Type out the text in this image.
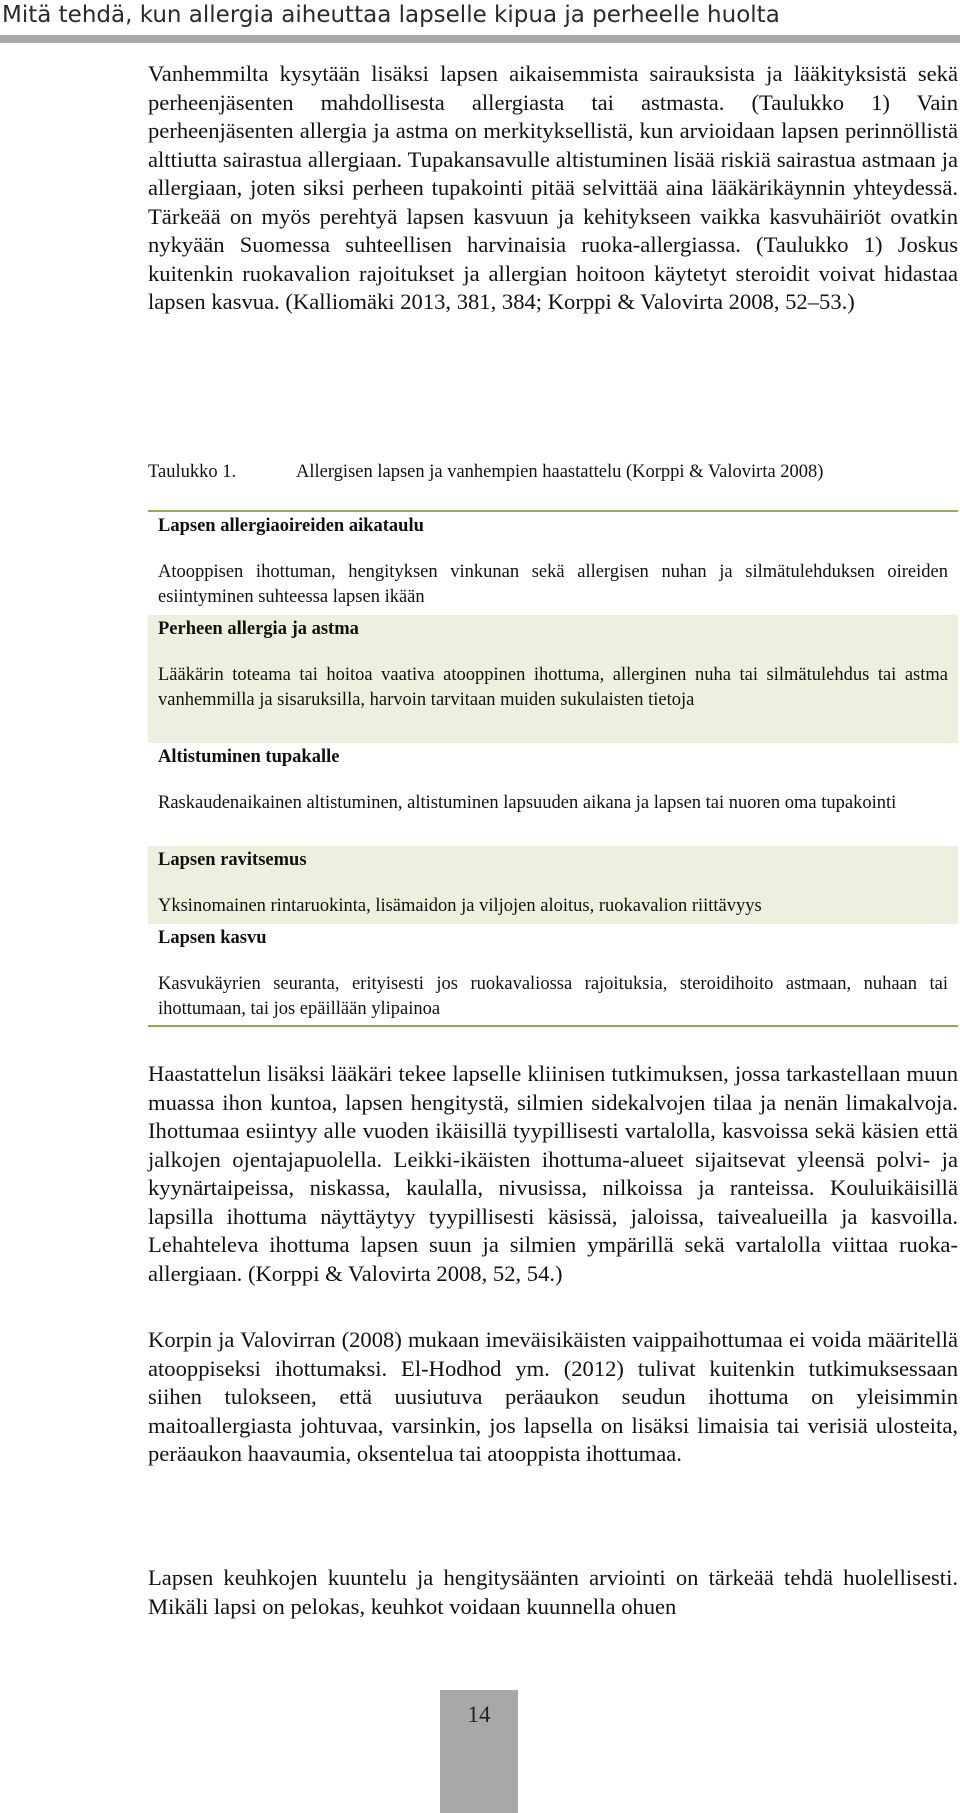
Mitä tehdä, kun allergia aiheuttaa lapselle kipua ja perheelle huolta

Vanhemmilta kysytään lisäksi lapsen aikaisemmista sairauksista ja lääkityksistä sekä perheenjäsenten mahdollisesta allergiasta tai astmasta. (Taulukko 1) Vain perheenjäsenten allergia ja astma on merkityksellistä, kun arvioidaan lapsen perinnöllistä alttiutta sairastua allergiaan. Tupakansavulle altistuminen lisää riskiä sairastua astmaan ja allergiaan, joten siksi perheen tupakointi pitää selvittää aina lääkärikäynnin yhteydessä. Tärkeää on myös perehtyä lapsen kasvuun ja kehitykseen vaikka kasvuhäiriöt ovatkin nykyään Suomessa suhteellisen harvinaisia ruoka-allergiassa. (Taulukko 1) Joskus kuitenkin ruokavalion rajoitukset ja allergian hoitoon käytetyt steroidit voivat hidastaa lapsen kasvua. (Kalliomäki 2013, 381, 384; Korppi & Valovirta 2008, 52–53.)

Taulukko 1.	Allergisen lapsen ja vanhempien haastattelu (Korppi & Valovirta 2008)
Lapsen allergiaoireiden aikataulu
Atooppisen ihottuman, hengityksen vinkunan sekä allergisen nuhan ja silmätulehduksen oireiden esiintyminen suhteessa lapsen ikään
Perheen allergia ja astma
Lääkärin toteama tai hoitoa vaativa atooppinen ihottuma, allerginen nuha tai silmätulehdus tai astma vanhemmilla ja sisaruksilla, harvoin tarvitaan muiden sukulaisten tietoja
Altistuminen tupakalle
Raskaudenaikainen altistuminen, altistuminen lapsuuden aikana ja lapsen tai nuoren oma tupakointi
Lapsen ravitsemus
Yksinomainen rintaruokinta, lisämaidon ja viljojen aloitus, ruokavalion riittävyys
Lapsen kasvu
Kasvukäyrien seuranta, erityisesti jos ruokavaliossa rajoituksia, steroidihoito astmaan, nuhaan tai ihottumaan, tai jos epäillään ylipainoa

Haastattelun lisäksi lääkäri tekee lapselle kliinisen tutkimuksen, jossa tarkastellaan muun muassa ihon kuntoa, lapsen hengitystä, silmien sidekalvojen tilaa ja nenän limakalvoja. Ihottumaa esiintyy alle vuoden ikäisillä tyypillisesti vartalolla, kasvoissa sekä käsien että jalkojen ojentajapuolella. Leikki-ikäisten ihottuma-alueet sijaitsevat yleensä polvi- ja kyynärtaipeissa, niskassa, kaulalla, nivusissa, nilkoissa ja ranteissa. Kouluikäisillä lapsilla ihottuma näyttäytyy tyypillisesti käsissä, jaloissa, taivealueilla ja kasvoilla. Lehahteleva ihottuma lapsen suun ja silmien ympärillä sekä vartalolla viittaa ruoka-allergiaan. (Korppi & Valovirta 2008, 52, 54.)

Korpin ja Valovirran (2008) mukaan imeväisikäisten vaippaihottumaa ei voida määritellä atooppiseksi ihottumaksi. El-Hodhod ym. (2012) tulivat kuitenkin tutkimuksessaan siihen tulokseen, että uusiutuva peräaukon seudun ihottuma on yleisimmin maitoallergiasta johtuvaa, varsinkin, jos lapsella on lisäksi limaisia tai verisiä ulosteita, peräaukon haavaumia, oksentelua tai atooppista ihottumaa.

Lapsen keuhkojen kuuntelu ja hengitysäänten arviointi on tärkeää tehdä huolellisesti. Mikäli lapsi on pelokas, keuhkot voidaan kuunnella ohuen

14
